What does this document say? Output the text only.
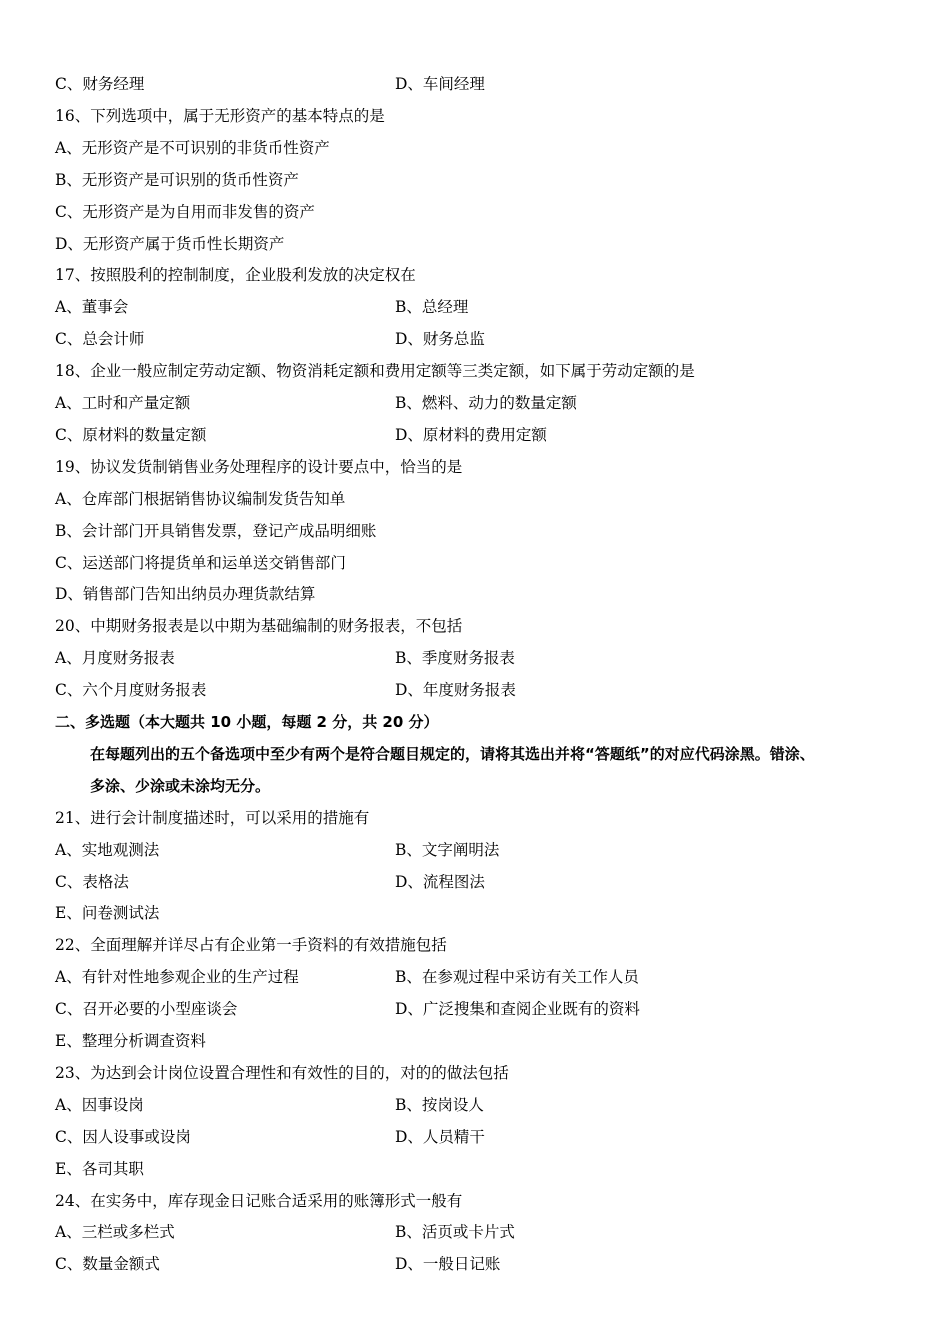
C、财务经理	D、车间经理
16、下列选项中，属于无形资产的基本特点的是
A、无形资产是不可识别的非货币性资产
B、无形资产是可识别的货币性资产
C、无形资产是为自用而非发售的资产
D、无形资产属于货币性长期资产
17、按照股利的控制制度，企业股利发放的决定权在
A、董事会	B、总经理
C、总会计师	D、财务总监
18、企业一般应制定劳动定额、物资消耗定额和费用定额等三类定额，如下属于劳动定额的是
A、工时和产量定额	B、燃料、动力的数量定额
C、原材料的数量定额	D、原材料的费用定额
19、协议发货制销售业务处理程序的设计要点中，恰当的是
A、仓库部门根据销售协议编制发货告知单
B、会计部门开具销售发票，登记产成品明细账
C、运送部门将提货单和运单送交销售部门
D、销售部门告知出纳员办理货款结算
20、中期财务报表是以中期为基础编制的财务报表，不包括
A、月度财务报表	B、季度财务报表
C、六个月度财务报表	D、年度财务报表
二、多选题（本大题共 10 小题，每题 2 分，共 20 分）
在每题列出的五个备选项中至少有两个是符合题目规定的，请将其选出并将“答题纸”的对应代码涂黑。错涂、
多涂、少涂或未涂均无分。
21、进行会计制度描述时，可以采用的措施有
A、实地观测法	B、文字阐明法
C、表格法	D、流程图法
E、问卷测试法
22、全面理解并详尽占有企业第一手资料的有效措施包括
A、有针对性地参观企业的生产过程	B、在参观过程中采访有关工作人员
C、召开必要的小型座谈会	D、广泛搜集和查阅企业既有的资料
E、整理分析调查资料
23、为达到会计岗位设置合理性和有效性的目的，对的的做法包括
A、因事设岗	B、按岗设人
C、因人设事或设岗	D、人员精干
E、各司其职
24、在实务中，库存现金日记账合适采用的账簿形式一般有
A、三栏或多栏式	B、活页或卡片式
C、数量金额式	D、一般日记账
